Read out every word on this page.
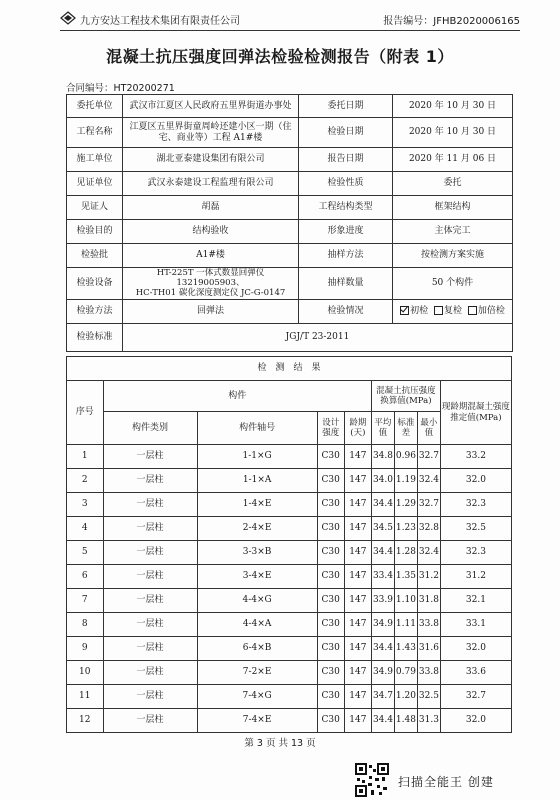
九方安达工程技术集团有限责任公司	报告编号：JFHB2020006165
混凝土抗压强度回弹法检验检测报告（附表 1）
合同编号：HT20200271
委托单位	武汉市江夏区人民政府五里界街道办事处	委托日期	2020 年 10 月 30 日
工程名称	江夏区五里界街童周岭还建小区一期（住宅、商业等）工程 A1#楼	检验日期	2020 年 10 月 30 日
施工单位	湖北亚泰建设集团有限公司	报告日期	2020 年 11 月 06 日
见证单位	武汉永泰建设工程监理有限公司	检验性质	委托
见证人	胡磊	工程结构类型	框架结构
检验目的	结构验收	形象进度	主体完工
检验批	A1#楼	抽样方法	按检测方案实施
检验设备	HT-225T 一体式数显回弹仪 13219005903、
HC-TH01 碳化深度测定仪 JC-G-0147	抽样数量	50 个构件
检验方法	回弹法	检验情况	初检 复检 加倍检
检验标准	JGJ/T 23-2011		
检　测　结　果								
序号	构件				混凝土抗压强度换算值(MPa)			现龄期混凝土强度推定值(MPa)
	构件类别	构件轴号	设计强度	龄期(天)	平均值	标准差	最小值	
1	一层柱	1-1×G	C30	147	34.8	0.96	32.7	33.2
2	一层柱	1-1×A	C30	147	34.0	1.19	32.4	32.0
3	一层柱	1-4×E	C30	147	34.4	1.29	32.7	32.3
4	一层柱	2-4×E	C30	147	34.5	1.23	32.8	32.5
5	一层柱	3-3×B	C30	147	34.4	1.28	32.4	32.3
6	一层柱	3-4×E	C30	147	33.4	1.35	31.2	31.2
7	一层柱	4-4×G	C30	147	33.9	1.10	31.8	32.1
8	一层柱	4-4×A	C30	147	34.9	1.11	33.8	33.1
9	一层柱	6-4×B	C30	147	34.4	1.43	31.6	32.0
10	一层柱	7-2×E	C30	147	34.9	0.79	33.8	33.6
11	一层柱	7-4×G	C30	147	34.7	1.20	32.5	32.7
12	一层柱	7-4×E	C30	147	34.4	1.48	31.3	32.0
第 3 页 共 13 页
扫描全能王 创建
